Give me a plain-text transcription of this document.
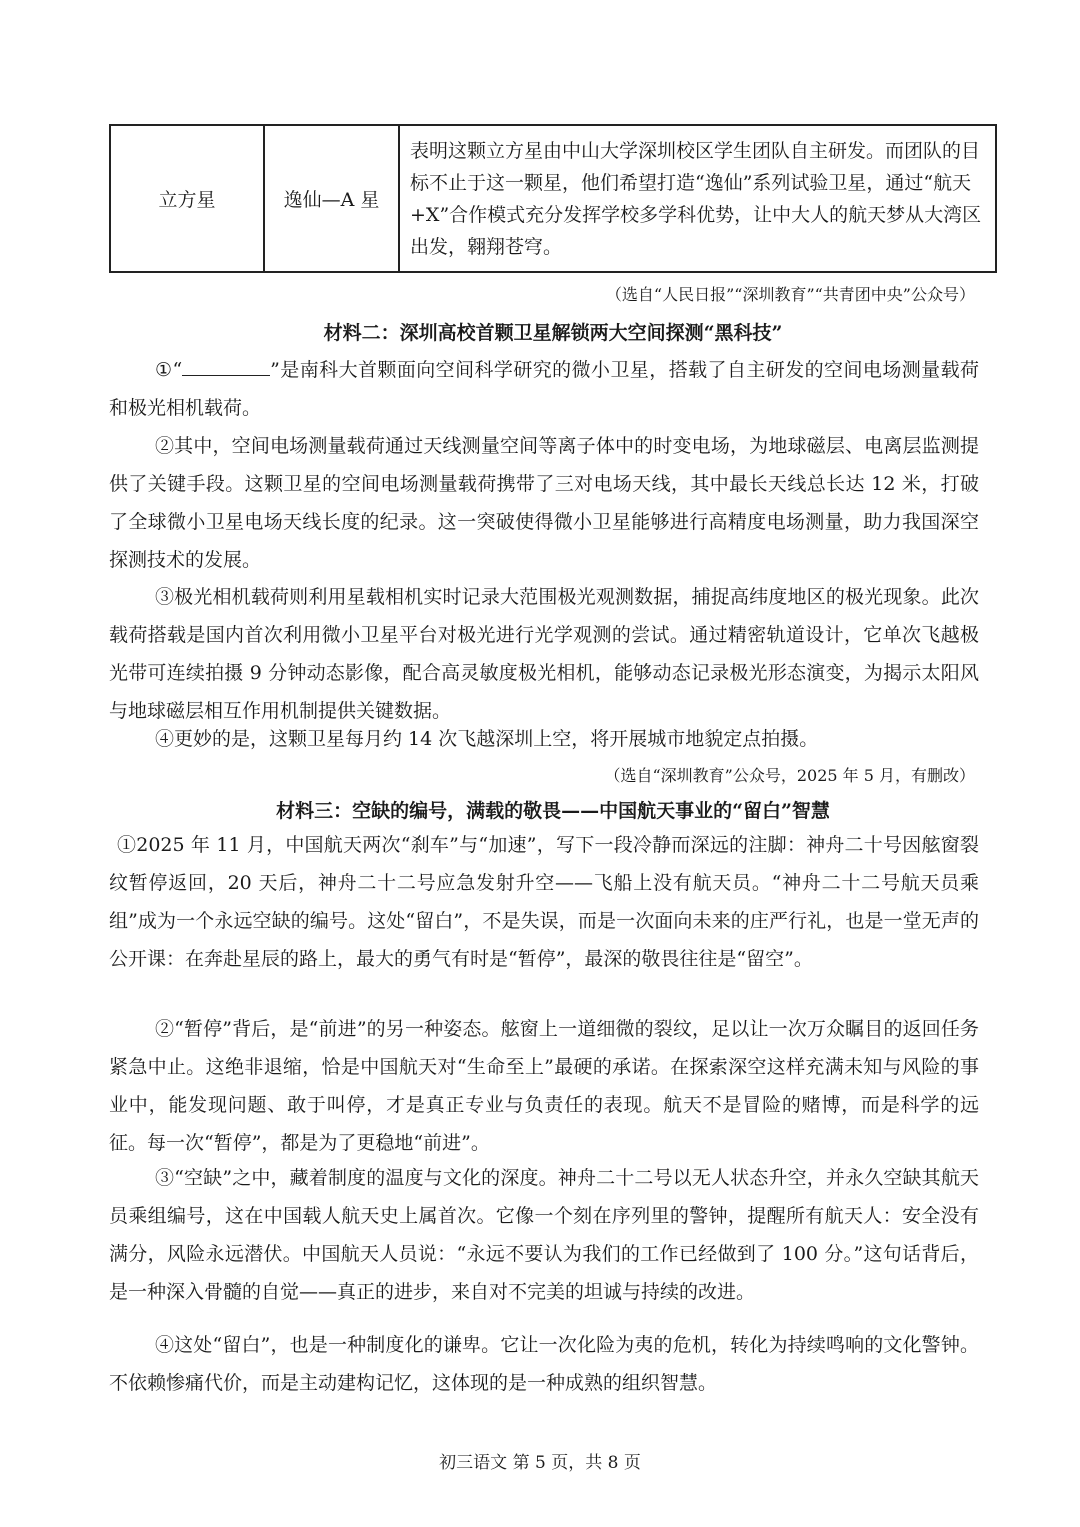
立方星	逸仙—A 星	表明这颗立方星由中山大学深圳校区学生团队自主研发。而团队的目标不止于这一颗星，他们希望打造“逸仙”系列试验卫星，通过“航天+X”合作模式充分发挥学校多学科优势，让中大人的航天梦从大湾区出发，翱翔苍穹。
（选自“人民日报”“深圳教育”“共青团中央”公众号）
材料二：深圳高校首颗卫星解锁两大空间探测“黑科技”
①“	”是南科大首颗面向空间科学研究的微小卫星，搭载了自主研发的空间电场测量载荷和极光相机载荷。
②其中，空间电场测量载荷通过天线测量空间等离子体中的时变电场，为地球磁层、电离层监测提供了关键手段。这颗卫星的空间电场测量载荷携带了三对电场天线，其中最长天线总长达 12 米，打破了全球微小卫星电场天线长度的纪录。这一突破使得微小卫星能够进行高精度电场测量，助力我国深空探测技术的发展。
③极光相机载荷则利用星载相机实时记录大范围极光观测数据，捕捉高纬度地区的极光现象。此次载荷搭载是国内首次利用微小卫星平台对极光进行光学观测的尝试。通过精密轨道设计，它单次飞越极光带可连续拍摄 9 分钟动态影像，配合高灵敏度极光相机，能够动态记录极光形态演变，为揭示太阳风与地球磁层相互作用机制提供关键数据。
④更妙的是，这颗卫星每月约 14 次飞越深圳上空，将开展城市地貌定点拍摄。
（选自“深圳教育”公众号，2025 年 5 月，有删改）
材料三：空缺的编号，满载的敬畏——中国航天事业的“留白”智慧
①2025 年 11 月，中国航天两次“刹车”与“加速”，写下一段冷静而深远的注脚：神舟二十号因舷窗裂纹暂停返回，20 天后，神舟二十二号应急发射升空——飞船上没有航天员。“神舟二十二号航天员乘组”成为一个永远空缺的编号。这处“留白”，不是失误，而是一次面向未来的庄严行礼，也是一堂无声的公开课：在奔赴星辰的路上，最大的勇气有时是“暂停”，最深的敬畏往往是“留空”。
②“暂停”背后，是“前进”的另一种姿态。舷窗上一道细微的裂纹，足以让一次万众瞩目的返回任务紧急中止。这绝非退缩，恰是中国航天对“生命至上”最硬的承诺。在探索深空这样充满未知与风险的事业中，能发现问题、敢于叫停，才是真正专业与负责任的表现。航天不是冒险的赌博，而是科学的远征。每一次“暂停”，都是为了更稳地“前进”。
③“空缺”之中，藏着制度的温度与文化的深度。神舟二十二号以无人状态升空，并永久空缺其航天员乘组编号，这在中国载人航天史上属首次。它像一个刻在序列里的警钟，提醒所有航天人：安全没有满分，风险永远潜伏。中国航天人员说：“永远不要认为我们的工作已经做到了 100 分。”这句话背后，是一种深入骨髓的自觉——真正的进步，来自对不完美的坦诚与持续的改进。
④这处“留白”，也是一种制度化的谦卑。它让一次化险为夷的危机，转化为持续鸣响的文化警钟。不依赖惨痛代价，而是主动建构记忆，这体现的是一种成熟的组织智慧。
初三语文 第 5 页，共 8 页
